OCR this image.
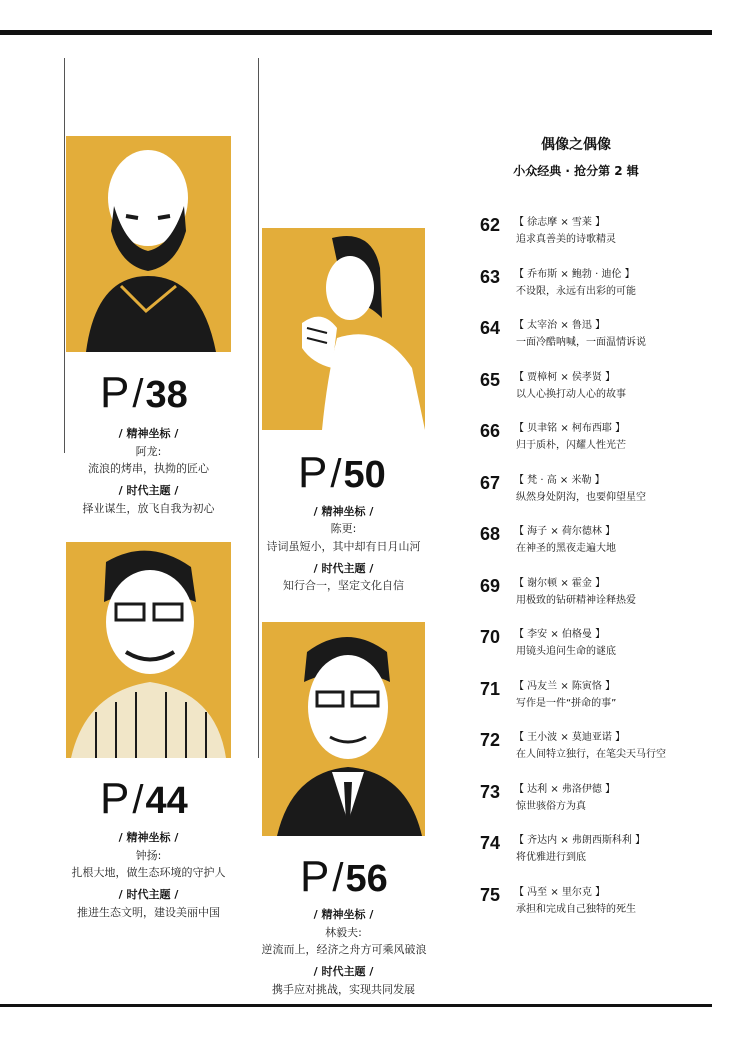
P/38
/ 精神坐标 /
阿龙:
流浪的烤串，执拗的匠心
/ 时代主题 /
择业谋生，放飞自我为初心
P/44
/ 精神坐标 /
钟扬:
扎根大地，做生态环境的守护人
/ 时代主题 /
推进生态文明，建设美丽中国
P/50
/ 精神坐标 /
陈更:
诗词虽短小，其中却有日月山河
/ 时代主题 /
知行合一，坚定文化自信
P/56
/ 精神坐标 /
林毅夫:
逆流而上，经济之舟方可乘风破浪
/ 时代主题 /
携手应对挑战，实现共同发展
偶像之偶像
小众经典 · 抢分第 2 辑
62	【 徐志摩 × 雪莱 】
追求真善美的诗歌精灵
63	【 乔布斯 × 鲍勃 · 迪伦 】
不设限，永远有出彩的可能
64	【 太宰治 × 鲁迅 】
一面冷酷呐喊，一面温情诉说
65	【 贾樟柯 × 侯孝贤 】
以人心换打动人心的故事
66	【 贝聿铭 × 柯布西耶 】
归于质朴，闪耀人性光芒
67	【 梵 · 高 × 米勒 】
纵然身处阴沟，也要仰望星空
68	【 海子 × 荷尔德林 】
在神圣的黑夜走遍大地
69	【 谢尔顿 × 霍金 】
用极致的钻研精神诠释热爱
70	【 李安 × 伯格曼 】
用镜头追问生命的谜底
71	【 冯友兰 × 陈寅恪 】
写作是一件“拼命的事”
72	【 王小波 × 莫迪亚诺 】
在人间特立独行，在笔尖天马行空
73	【 达利 × 弗洛伊德 】
惊世骇俗方为真
74	【 齐达内 × 弗朗西斯科利 】
将优雅进行到底
75	【 冯至 × 里尔克 】
承担和完成自己独特的死生
